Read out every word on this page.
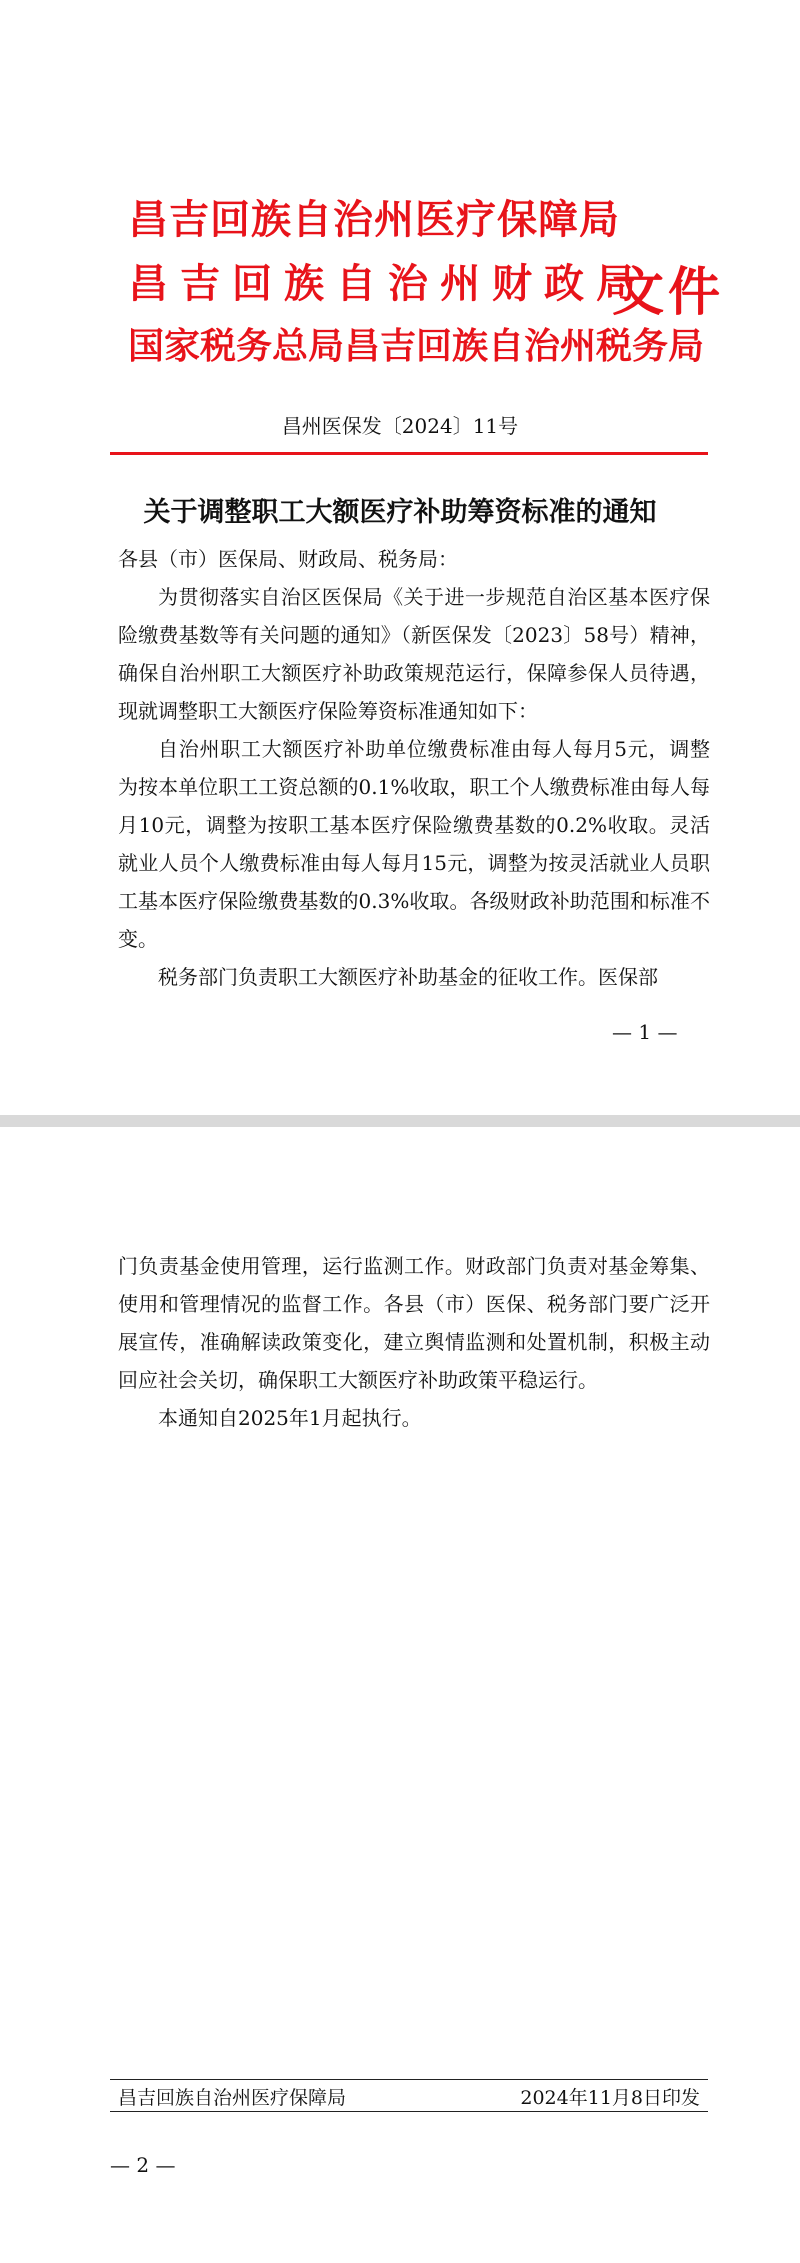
昌吉回族自治州医疗保障局
昌吉回族自治州财政局
国家税务总局昌吉回族自治州税务局
文件
昌州医保发〔2024〕11号
关于调整职工大额医疗补助筹资标准的通知

各县（市）医保局、财政局、税务局：

为贯彻落实自治区医保局《关于进一步规范自治区基本医疗保险缴费基数等有关问题的通知》（新医保发〔2023〕58号）精神，确保自治州职工大额医疗补助政策规范运行，保障参保人员待遇，现就调整职工大额医疗保险筹资标准通知如下：

自治州职工大额医疗补助单位缴费标准由每人每月5元，调整为按本单位职工工资总额的0.1%收取，职工个人缴费标准由每人每月10元，调整为按职工基本医疗保险缴费基数的0.2%收取。灵活就业人员个人缴费标准由每人每月15元，调整为按灵活就业人员职工基本医疗保险缴费基数的0.3%收取。各级财政补助范围和标准不变。

税务部门负责职工大额医疗补助基金的征收工作。医保部

— 1 —

门负责基金使用管理，运行监测工作。财政部门负责对基金筹集、使用和管理情况的监督工作。各县（市）医保、税务部门要广泛开展宣传，准确解读政策变化，建立舆情监测和处置机制，积极主动回应社会关切，确保职工大额医疗补助政策平稳运行。

本通知自2025年1月起执行。

昌吉回族自治州医疗保障局	2024年11月8日印发
— 2 —
